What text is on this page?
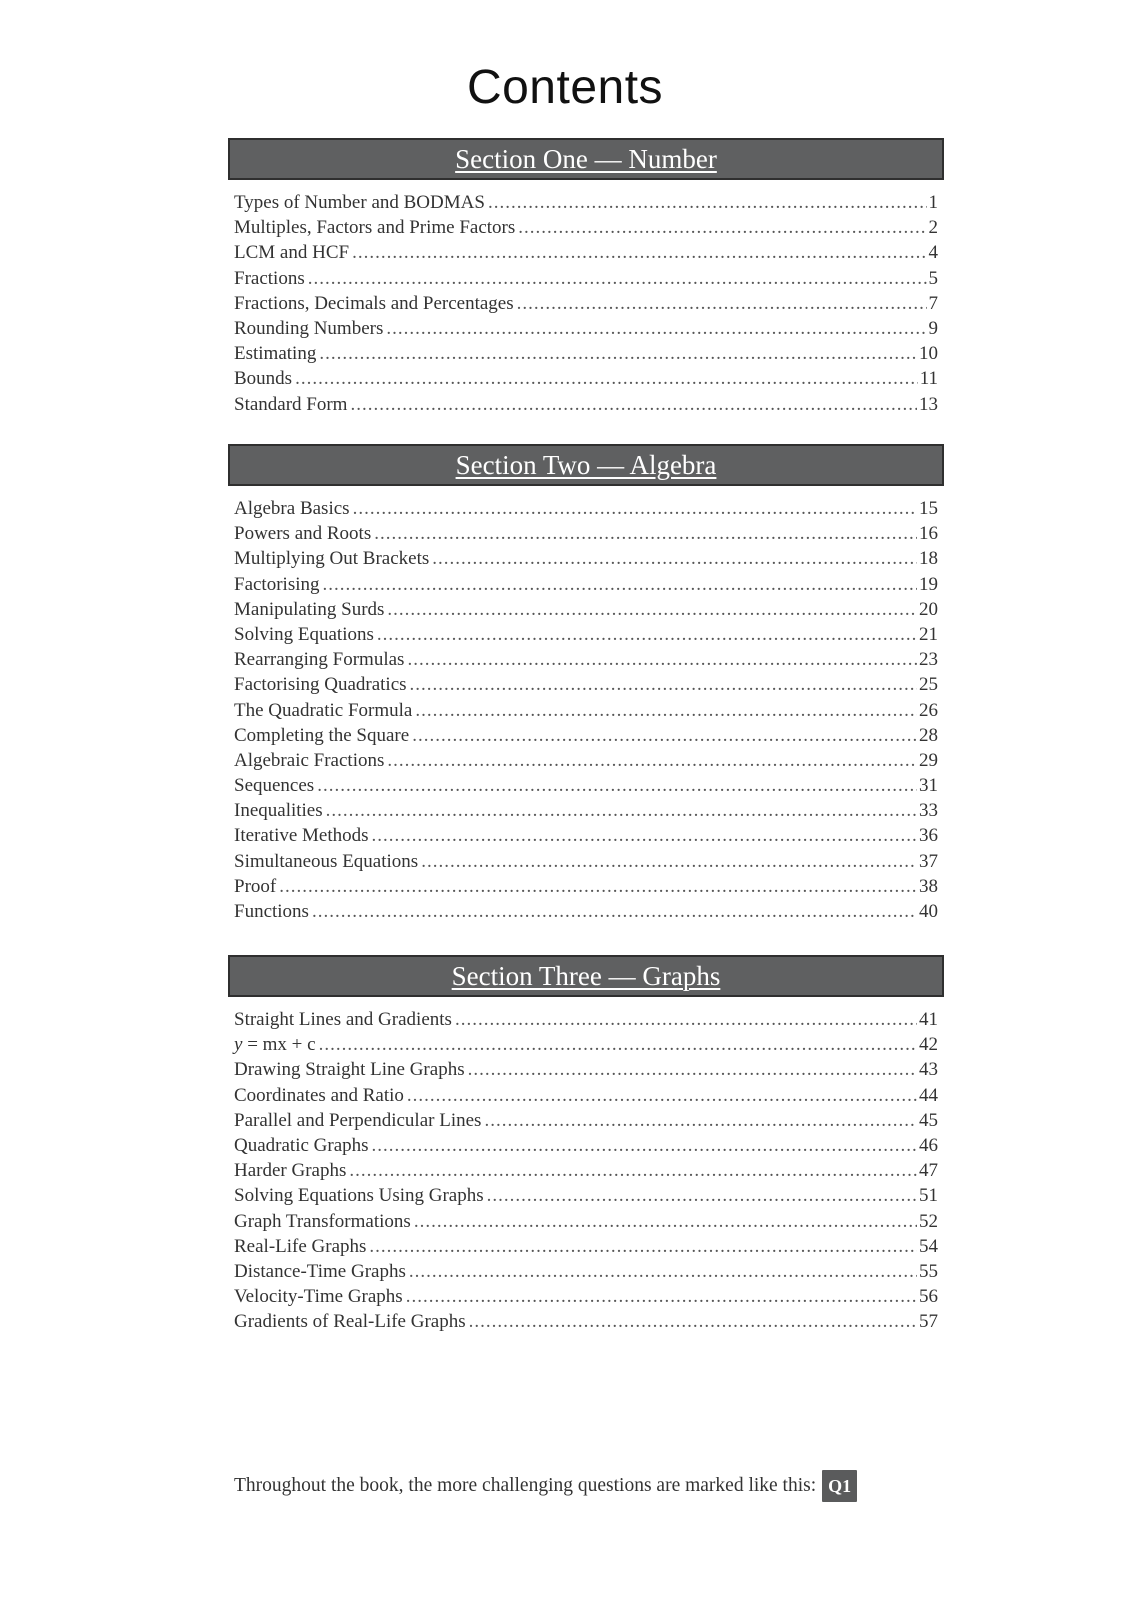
Contents
Section One — Number
Types of Number and BODMAS .....	1
Multiples, Factors and Prime Factors .....	2
LCM and HCF .....	4
Fractions .....	5
Fractions, Decimals and Percentages .....	7
Rounding Numbers .....	9
Estimating .....	10
Bounds .....	11
Standard Form .....	13
Section Two — Algebra
Algebra Basics .....	15
Powers and Roots .....	16
Multiplying Out Brackets .....	18
Factorising .....	19
Manipulating Surds .....	20
Solving Equations .....	21
Rearranging Formulas .....	23
Factorising Quadratics .....	25
The Quadratic Formula .....	26
Completing the Square .....	28
Algebraic Fractions .....	29
Sequences .....	31
Inequalities .....	33
Iterative Methods .....	36
Simultaneous Equations .....	37
Proof .....	38
Functions .....	40
Section Three — Graphs
Straight Lines and Gradients .....	41
y = mx + c .....	42
Drawing Straight Line Graphs .....	43
Coordinates and Ratio .....	44
Parallel and Perpendicular Lines .....	45
Quadratic Graphs .....	46
Harder Graphs .....	47
Solving Equations Using Graphs .....	51
Graph Transformations .....	52
Real-Life Graphs .....	54
Distance-Time Graphs .....	55
Velocity-Time Graphs .....	56
Gradients of Real-Life Graphs .....	57
Throughout the book, the more challenging questions are marked like this: Q1
